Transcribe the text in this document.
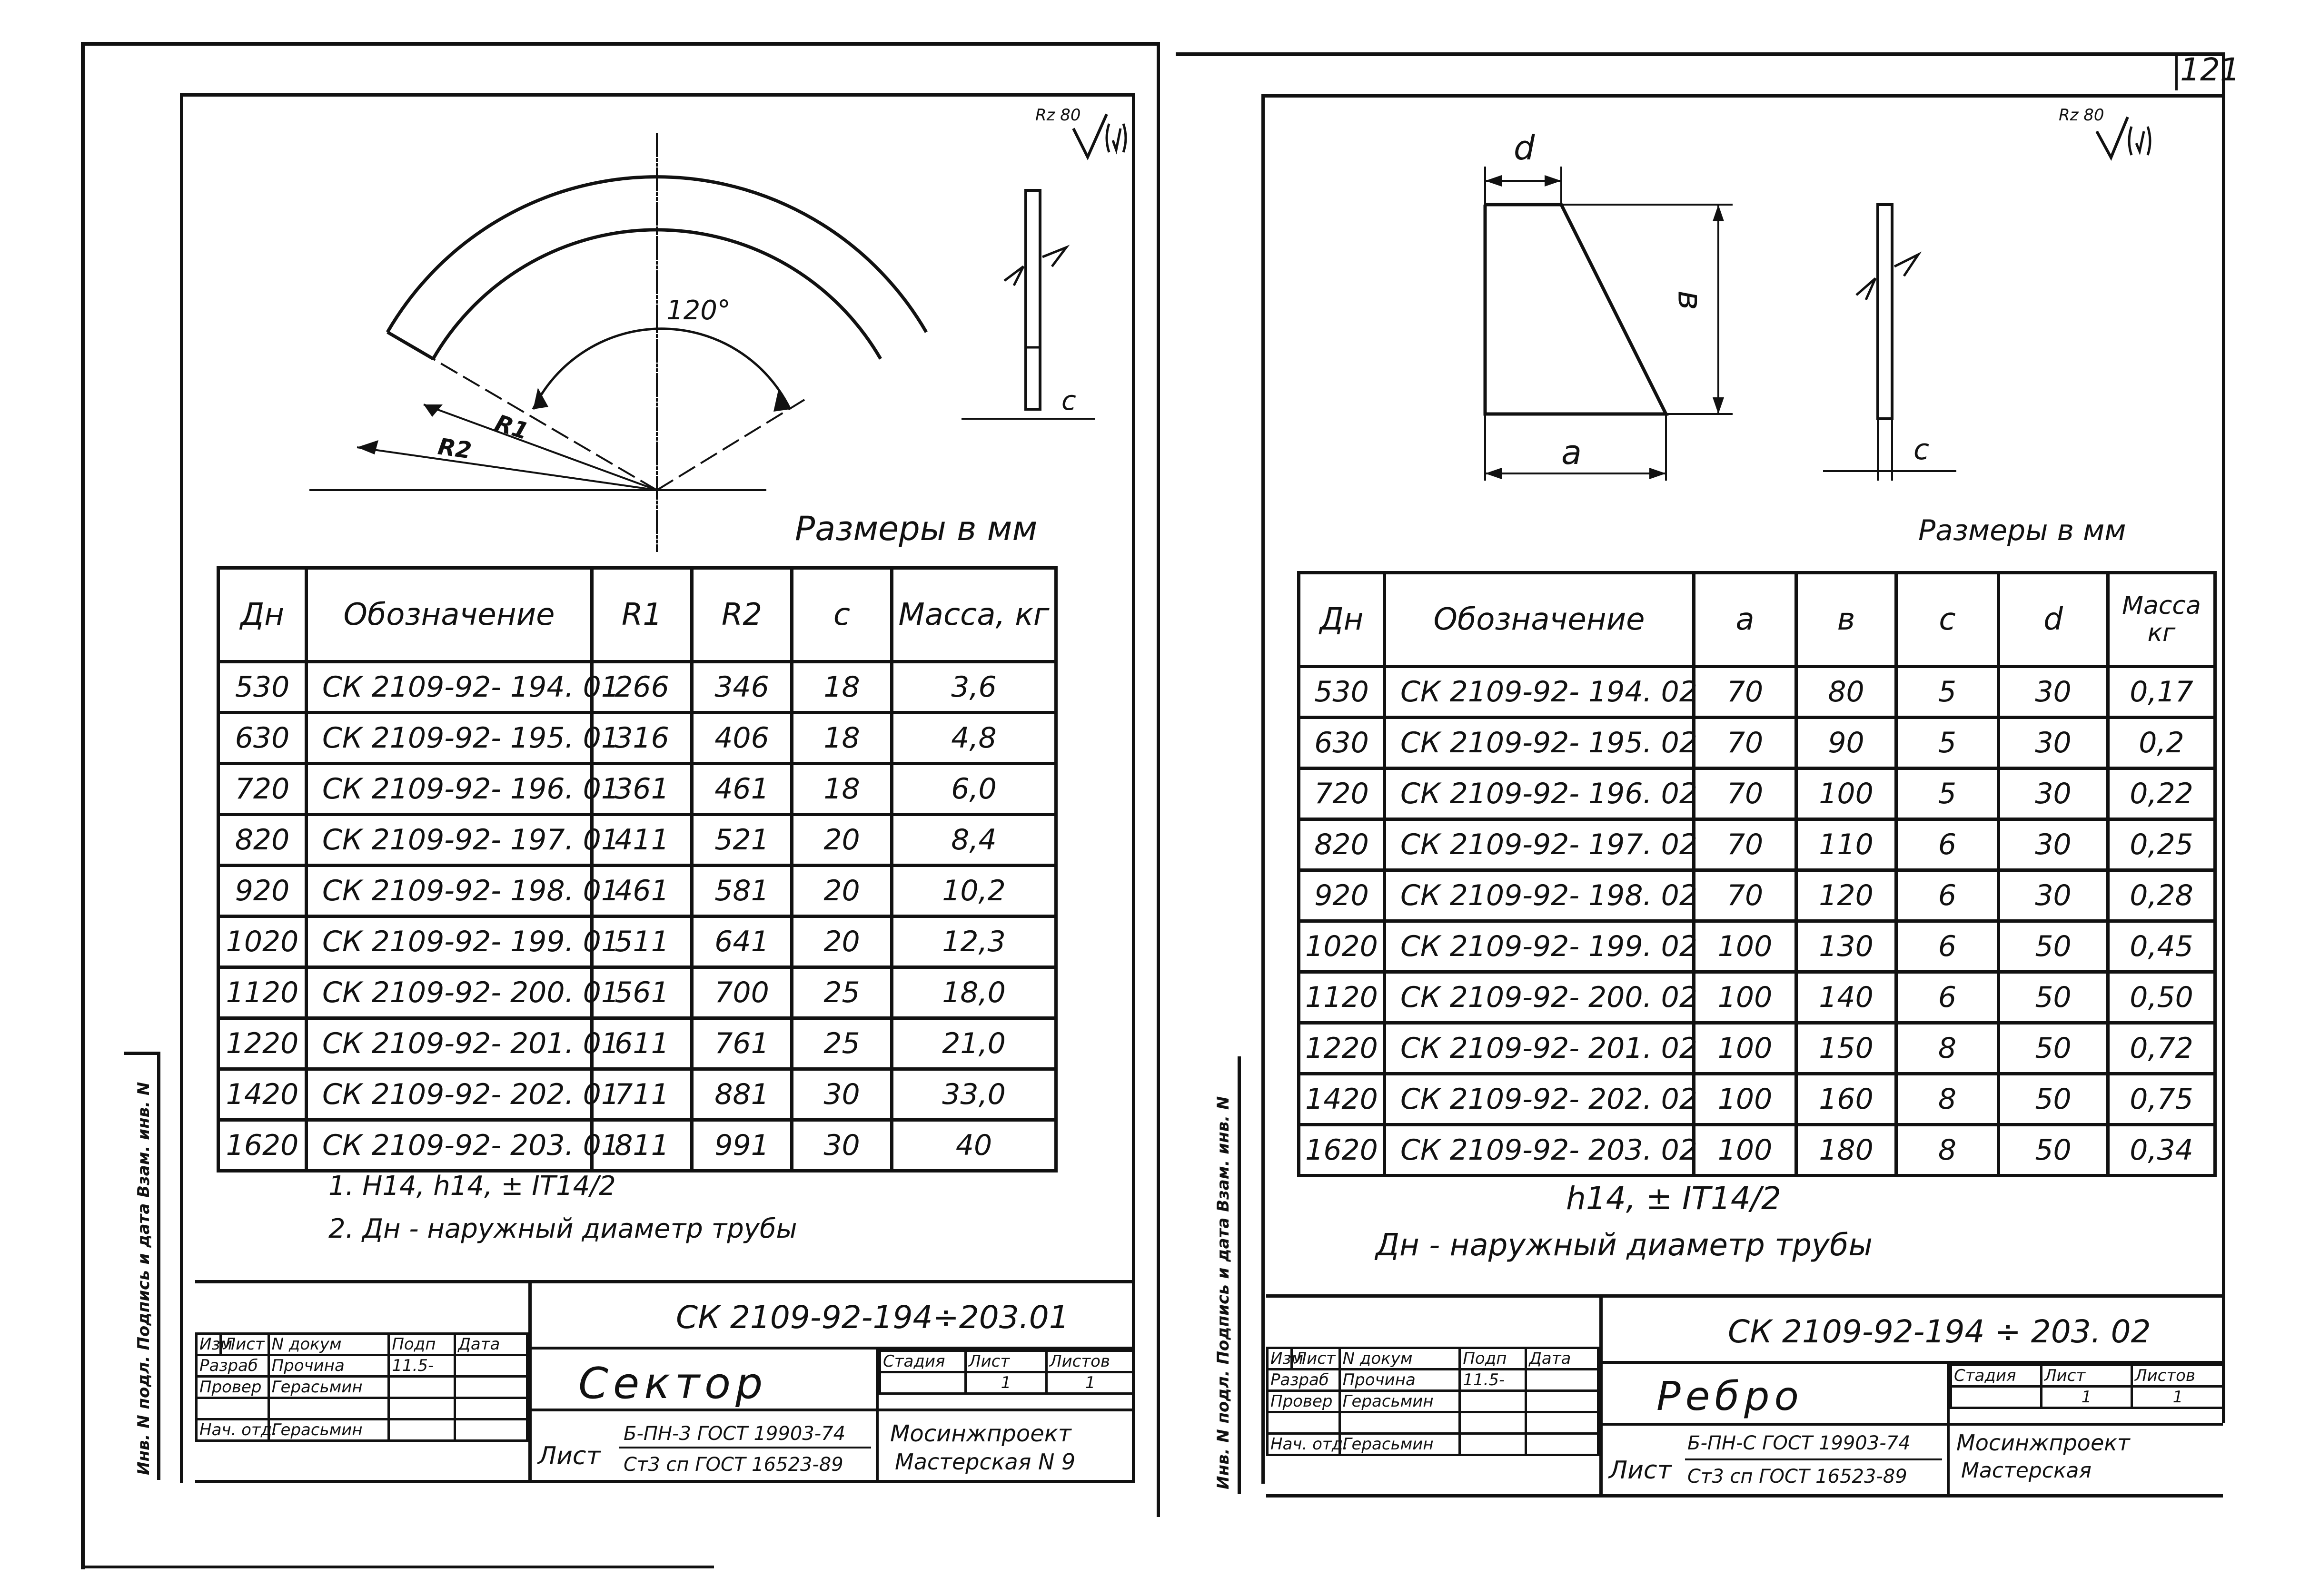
121
Rz 80
120°
R1
R2
c
Размеры в мм
Дн	Обозначение	R1	R2	c	Масса, кг
530	СК 2109-92- 194. 01	266	346	18	3,6
630	СК 2109-92- 195. 01	316	406	18	4,8
720	СК 2109-92- 196. 01	361	461	18	6,0
820	СК 2109-92- 197. 01	411	521	20	8,4
920	СК 2109-92- 198. 01	461	581	20	10,2
1020	СК 2109-92- 199. 01	511	641	20	12,3
1120	СК 2109-92- 200. 01	561	700	25	18,0
1220	СК 2109-92- 201. 01	611	761	25	21,0
1420	СК 2109-92- 202. 01	711	881	30	33,0
1620	СК 2109-92- 203. 01	811	991	30	40
1. Н14, h14, ± IT14/2
2. Дн - наружный диаметр трубы
СК 2109-92-194÷203.01
Сектор
Изм	Лист	N докум	Подп	Дата
Разраб		Прочина	11.5-	
Провер		Герасьмин		

Нач. отд.		Герасьмин		
Стадия	Лист	Листов
	1	1
Лист
Б-ПН-3 ГОСТ 19903-74
Ст3 сп ГОСТ 16523-89
Мосинжпроект
Мастерская N 9
Инв. N подл. Подпись и дата Взам. инв. N
Rz 80
d
в
a	c
Размеры в мм
Дн	Обозначение	a	в	c	d	Масса кг
530	СК 2109-92- 194. 02	70	80	5	30	0,17
630	СК 2109-92- 195. 02	70	90	5	30	0,2
720	СК 2109-92- 196. 02	70	100	5	30	0,22
820	СК 2109-92- 197. 02	70	110	6	30	0,25
920	СК 2109-92- 198. 02	70	120	6	30	0,28
1020	СК 2109-92- 199. 02	100	130	6	50	0,45
1120	СК 2109-92- 200. 02	100	140	6	50	0,50
1220	СК 2109-92- 201. 02	100	150	8	50	0,72
1420	СК 2109-92- 202. 02	100	160	8	50	0,75
1620	СК 2109-92- 203. 02	100	180	8	50	0,34
h14, ± IT14/2
Дн - наружный диаметр трубы
СК 2109-92-194 ÷ 203. 02
Ребро
Изм	Лист	N докум	Подп	Дата
Разраб		Прочина	11.5-	
Провер		Герасьмин		

Нач. отд.		Герасьмин		
Стадия	Лист	Листов
	1	1
Лист
Б-ПН-С ГОСТ 19903-74
Ст3 сп ГОСТ 16523-89
Мосинжпроект
Мастерская
Инв. N подл. Подпись и дата Взам. инв. N
